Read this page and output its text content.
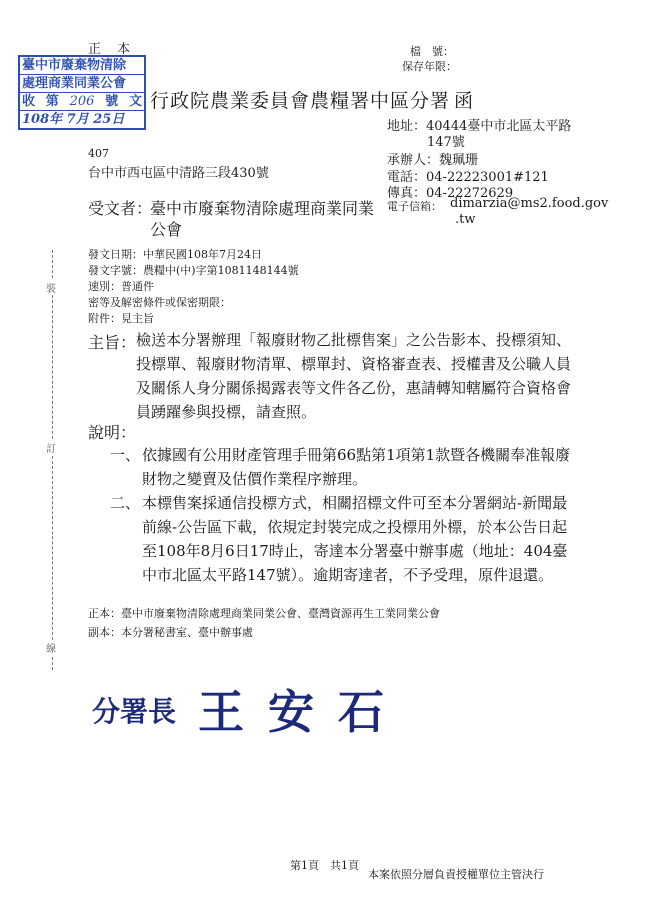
正 本	檔　號：
保存年限：
臺中市廢棄物清除
處理商業同業公會
收 第 206 號 文
108年 7月 25日
行政院農業委員會農糧署中區分署 函
地址：40444臺中市北區太平路
147號
承辦人：魏珮珊
電話：04-22223001#121
傳真：04-22272629
407
台中市西屯區中清路三段430號
受文者：
臺中市廢棄物清除處理商業同業
公會
電子信箱： dimarzia@ms2.food.gov
.tw
發文日期：中華民國108年7月24日
發文字號：農糧中(中)字第1081148144號
速別：普通件
密等及解密條件或保密期限：
附件：見主旨
裝
訂
線
主旨： 檢送本分署辦理「報廢財物乙批標售案」之公告影本、投標須知、投標單、報廢財物清單、標單封、資格審查表、授權書及公職人員及關係人身分關係揭露表等文件各乙份，惠請轉知轄屬符合資格會員踴躍參與投標，請查照。
說明：
一、 依據國有公用財產管理手冊第66點第1項第1款暨各機關奉准報廢財物之變賣及估價作業程序辦理。
二、 本標售案採通信投標方式，相關招標文件可至本分署網站-新聞最前線-公告區下載，依規定封裝完成之投標用外標，於本公告日起至108年8月6日17時止，寄達本分署臺中辦事處（地址：404臺中市北區太平路147號）。逾期寄達者，不予受理，原件退還。
正本：臺中市廢棄物清除處理商業同業公會、臺灣資源再生工業同業公會
副本：本分署秘書室、臺中辦事處
分署長 王 安 石
第1頁　共1頁
本案依照分層負責授權單位主管決行
